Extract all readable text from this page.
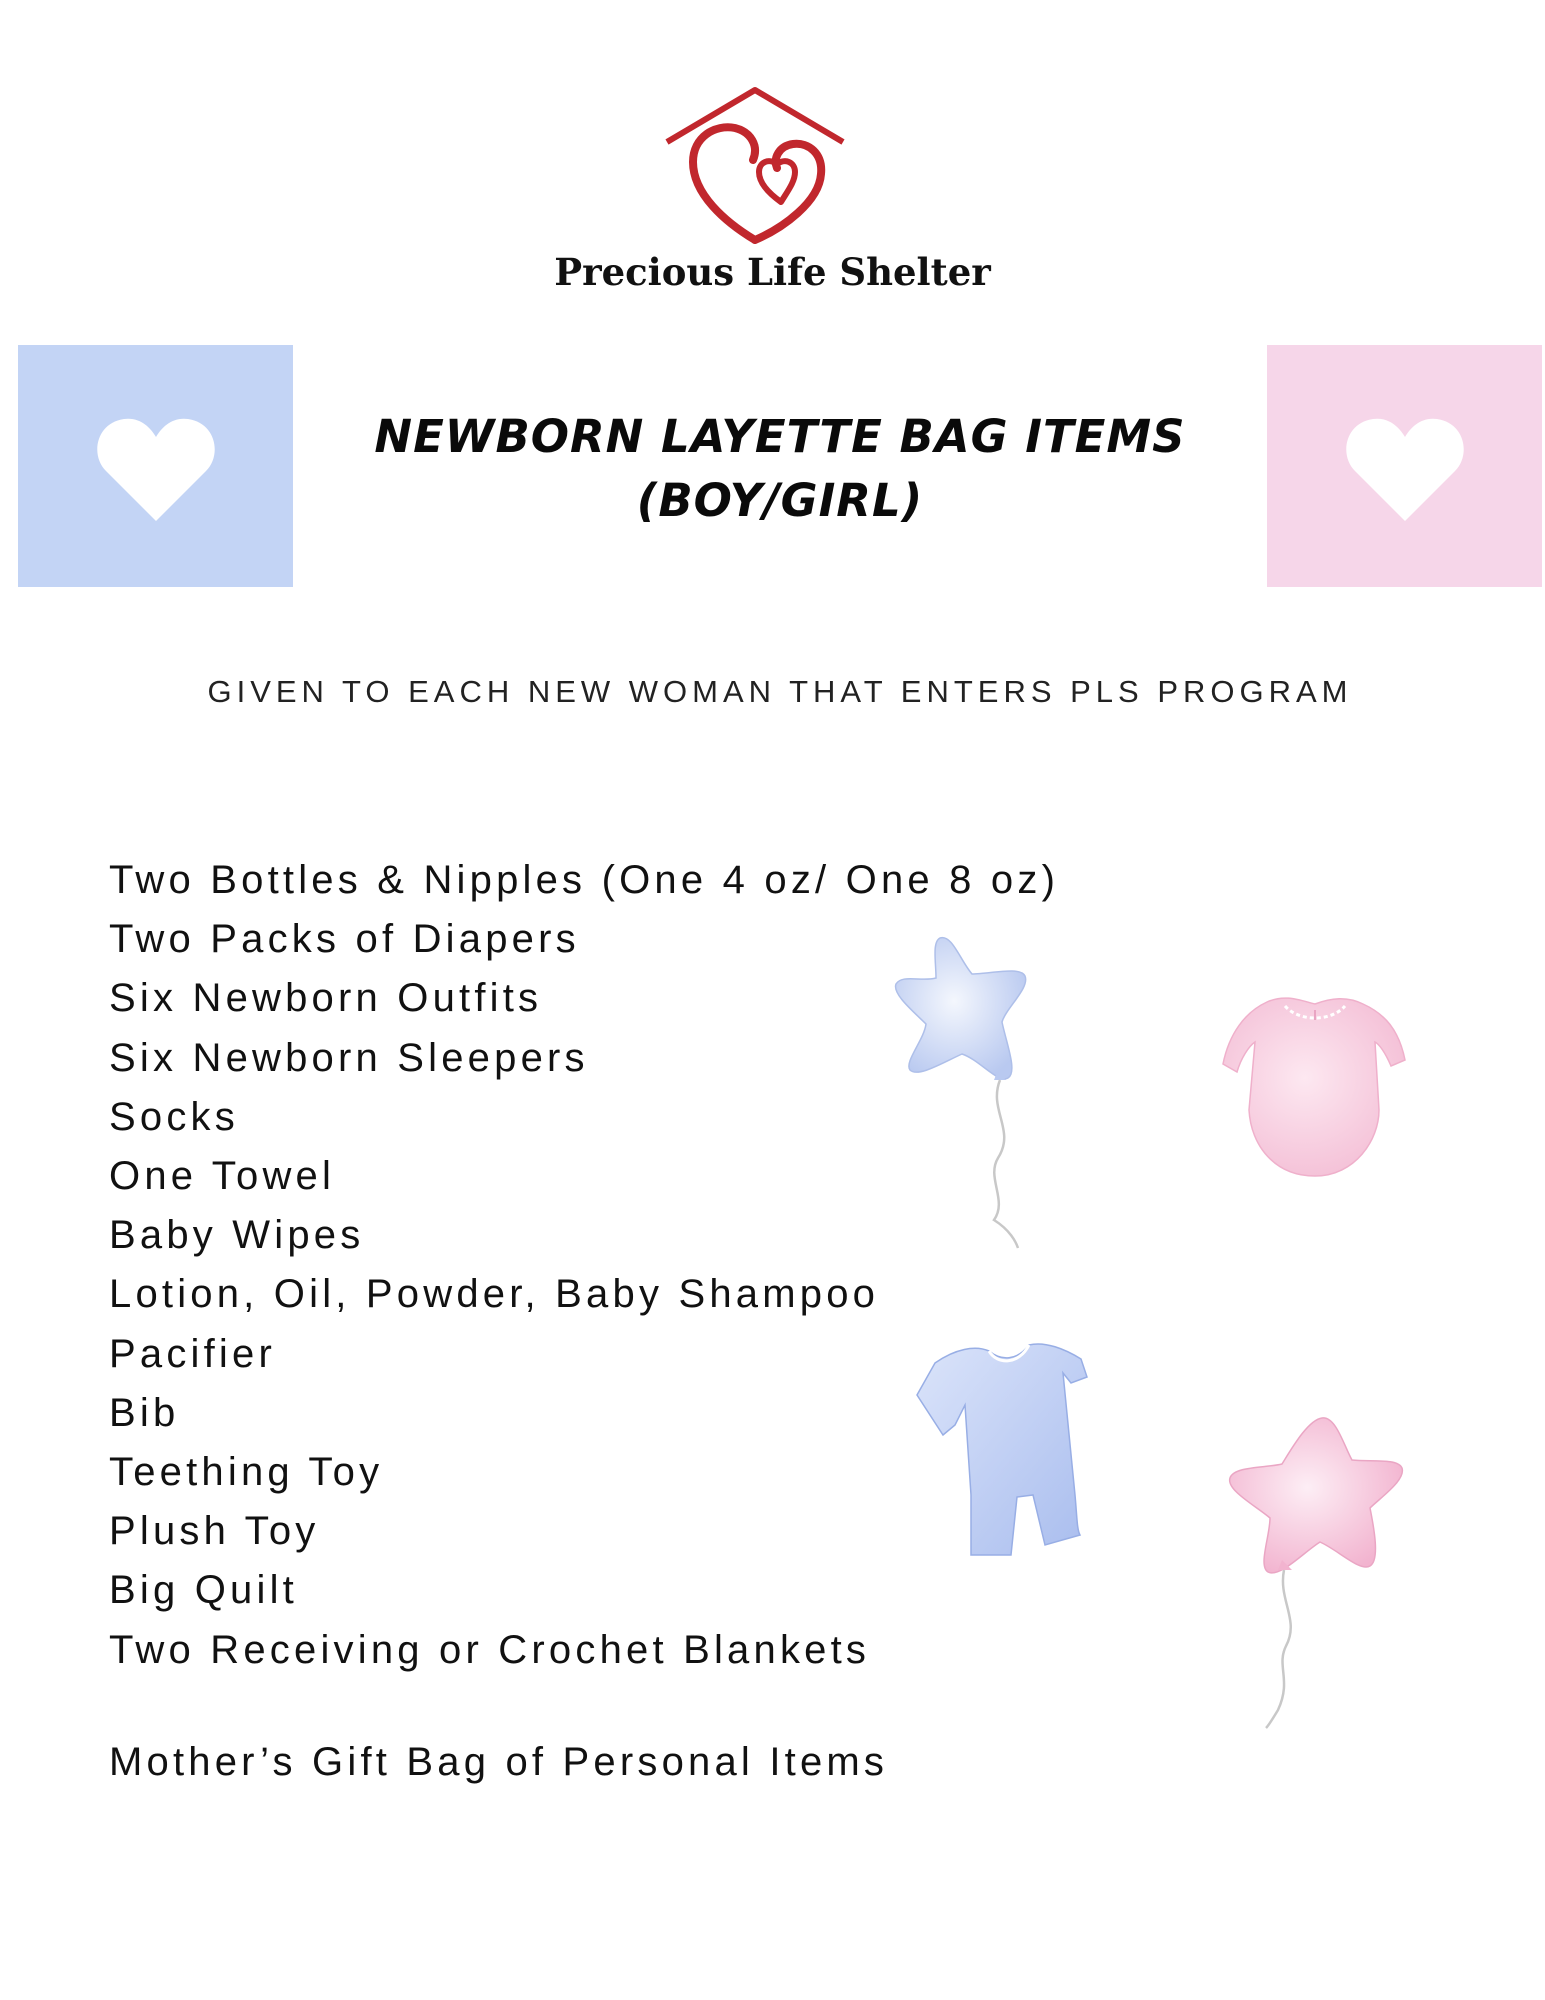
Precious Life Shelter
NEWBORN LAYETTE BAG ITEMS
(BOY/GIRL)
GIVEN TO EACH NEW WOMAN THAT ENTERS PLS PROGRAM
Two Bottles & Nipples (One 4 oz/ One 8 oz)
Two Packs of Diapers
Six Newborn Outfits
Six Newborn Sleepers
Socks
One Towel
Baby Wipes
Lotion, Oil, Powder, Baby Shampoo
Pacifier
Bib
Teething Toy
Plush Toy
Big Quilt
Two Receiving or Crochet Blankets
Mother’s Gift Bag of Personal Items
